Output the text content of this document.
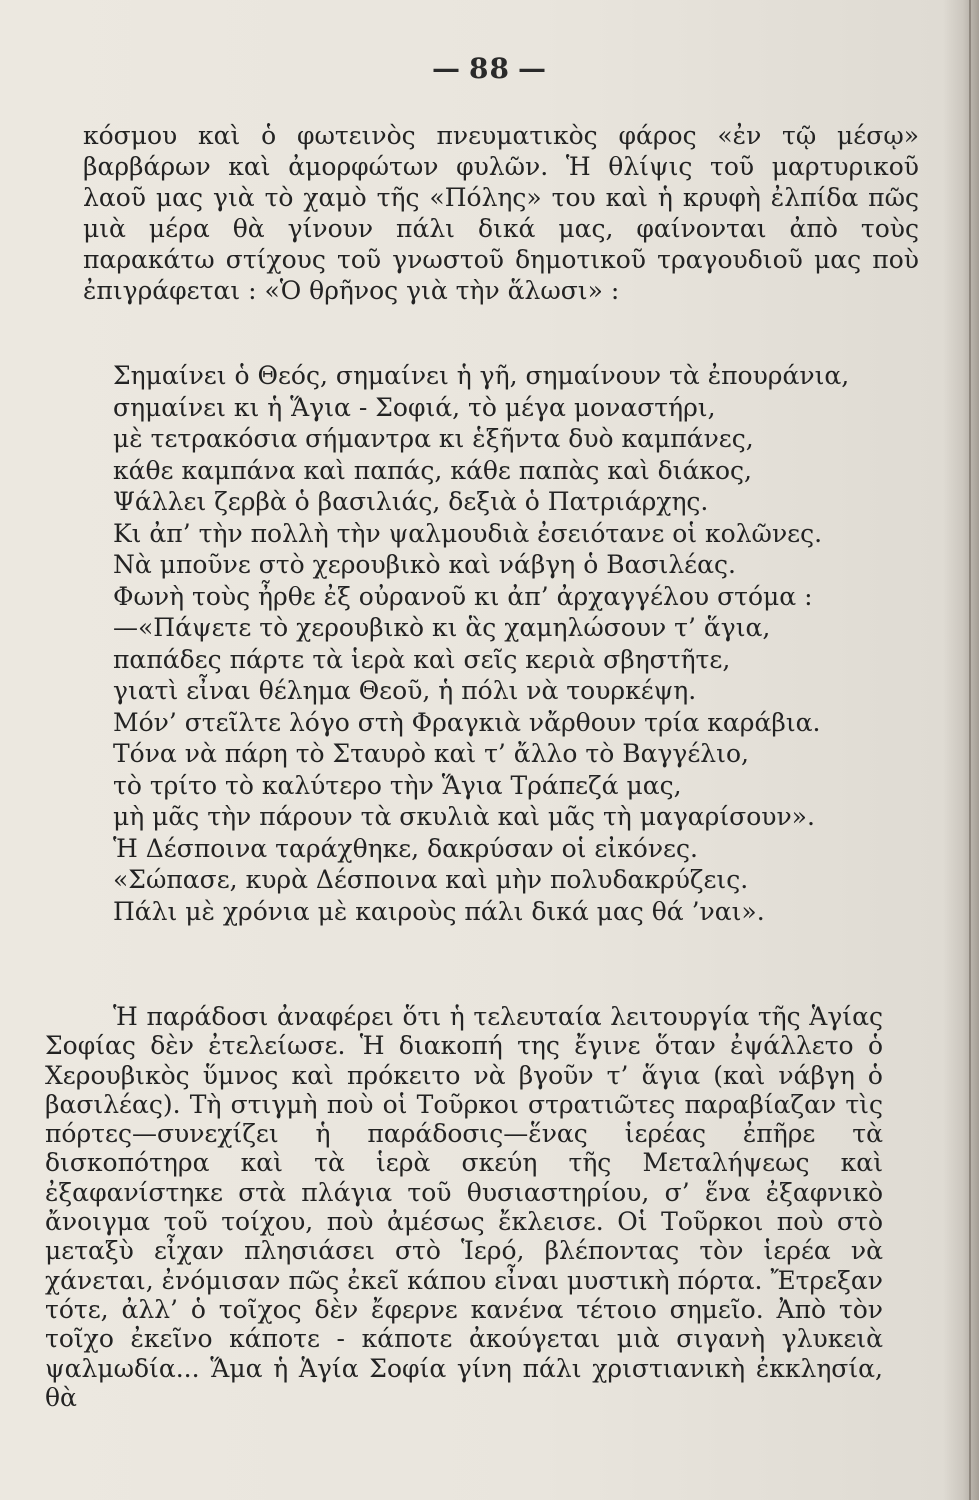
— 88 —

κόσμου καὶ ὁ φωτεινὸς πνευματικὸς φάρος «ἐν τῷ μέσῳ» βαρβάρων καὶ ἀμορφώτων φυλῶν. Ἡ θλίψις τοῦ μαρτυρικοῦ λαοῦ μας γιὰ τὸ χαμὸ τῆς «Πόλης» του καὶ ἡ κρυφὴ ἐλπίδα πῶς μιὰ μέρα θὰ γίνουν πάλι δικά μας, φαίνονται ἀπὸ τοὺς παρακάτω στίχους τοῦ γνωστοῦ δημοτικοῦ τραγουδιοῦ μας ποὺ ἐπιγράφεται : «Ὁ θρῆνος γιὰ τὴν ἅλωσι» :

Σημαίνει ὁ Θεός, σημαίνει ἡ γῆ, σημαίνουν τὰ ἐπουράνια,
σημαίνει κι ἡ Ἅγια - Σοφιά, τὸ μέγα μοναστήρι,
μὲ τετρακόσια σήμαντρα κι ἑξῆντα δυὸ καμπάνες,
κάθε καμπάνα καὶ παπάς, κάθε παπὰς καὶ διάκος,
Ψάλλει ζερβὰ ὁ βασιλιάς, δεξιὰ ὁ Πατριάρχης.
Κι ἀπ’ τὴν πολλὴ τὴν ψαλμουδιὰ ἐσειότανε οἱ κολῶνες.
Νὰ μποῦνε στὸ χερουβικὸ καὶ νάβγη ὁ Βασιλέας.
Φωνὴ τοὺς ἦρθε ἐξ οὐρανοῦ κι ἀπ’ ἀρχαγγέλου στόμα :
—«Πάψετε τὸ χερουβικὸ κι ἃς χαμηλώσουν τ’ ἅγια,
παπάδες πάρτε τὰ ἱερὰ καὶ σεῖς κεριὰ σβηστῆτε,
γιατὶ εἶναι θέλημα Θεοῦ, ἡ πόλι νὰ τουρκέψη.
Μόν’ στεῖλτε λόγο στὴ Φραγκιὰ νἄρθουν τρία καράβια.
Τόνα νὰ πάρη τὸ Σταυρὸ καὶ τ’ ἄλλο τὸ Βαγγέλιο,
τὸ τρίτο τὸ καλύτερο τὴν Ἅγια Τράπεζά μας,
μὴ μᾶς τὴν πάρουν τὰ σκυλιὰ καὶ μᾶς τὴ μαγαρίσουν».
Ἡ Δέσποινα ταράχθηκε, δακρύσαν οἱ εἰκόνες.
«Σώπασε, κυρὰ Δέσποινα καὶ μὴν πολυδακρύζεις.
Πάλι μὲ χρόνια μὲ καιροὺς πάλι δικά μας θά ’ναι».

Ἡ παράδοσι ἀναφέρει ὅτι ἡ τελευταία λειτουργία τῆς Ἁγίας Σοφίας δὲν ἐτελείωσε. Ἡ διακοπή της ἔγινε ὅταν ἐψάλλετο ὁ Χερουβικὸς ὕμνος καὶ πρόκειτο νὰ βγοῦν τ’ ἅγια (καὶ νάβγη ὁ βασιλέας). Τὴ στιγμὴ ποὺ οἱ Τοῦρκοι στρατιῶτες παραβίαζαν τὶς πόρτες—συνεχίζει ἡ παράδοσις—ἕνας ἱερέας ἐπῆρε τὰ δισκοπότηρα καὶ τὰ ἱερὰ σκεύη τῆς Μεταλήψεως καὶ ἐξαφανίστηκε στὰ πλάγια τοῦ θυσιαστηρίου, σ’ ἕνα ἐξαφνικὸ ἄνοιγμα τοῦ τοίχου, ποὺ ἀμέσως ἔκλεισε. Οἱ Τοῦρκοι ποὺ στὸ μεταξὺ εἶχαν πλησιάσει στὸ Ἱερό, βλέποντας τὸν ἱερέα νὰ χάνεται, ἐνόμισαν πῶς ἐκεῖ κάπου εἶναι μυστικὴ πόρτα. Ἔτρεξαν τότε, ἀλλ’ ὁ τοῖχος δὲν ἔφερνε κανένα τέτοιο σημεῖο. Ἀπὸ τὸν τοῖχο ἐκεῖνο κάποτε - κάποτε ἀκούγεται μιὰ σιγανὴ γλυκειὰ ψαλμωδία... Ἅμα ἡ Ἁγία Σοφία γίνη πάλι χριστιανικὴ ἐκκλησία, θὰ
